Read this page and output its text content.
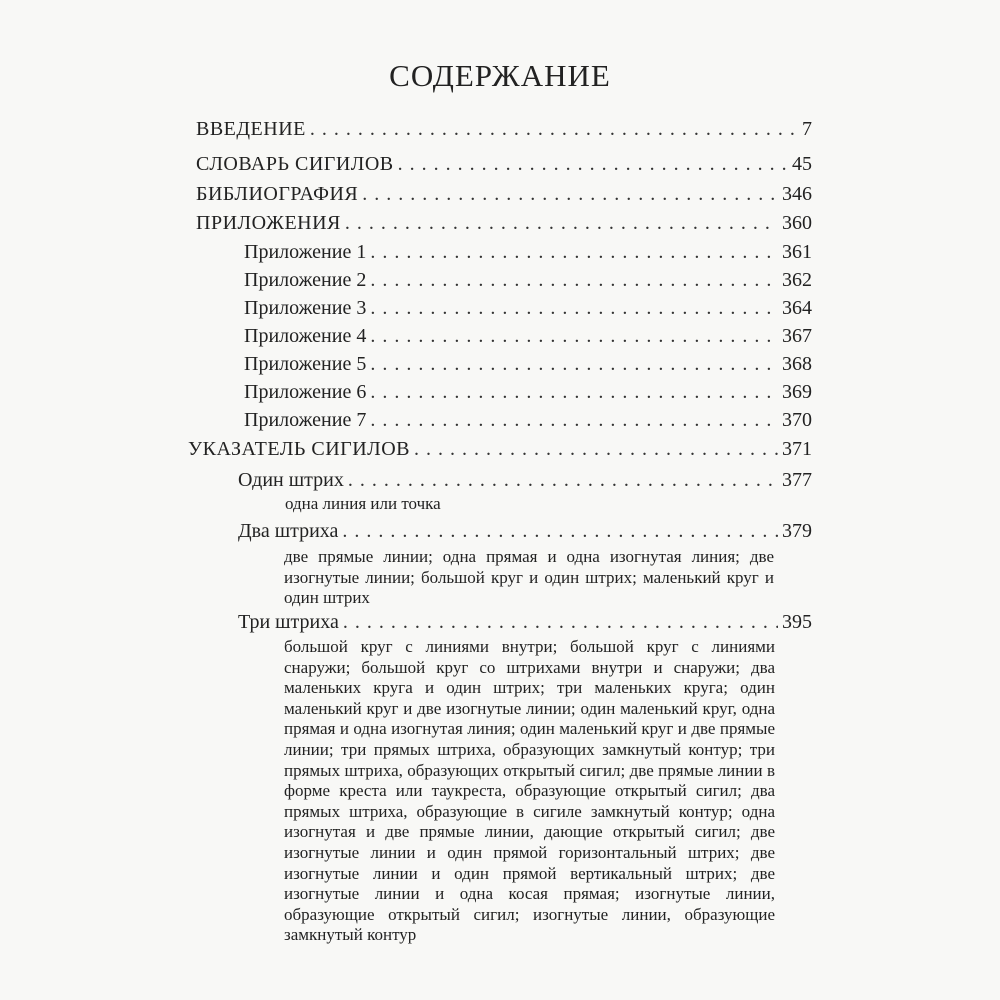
СОДЕРЖАНИЕ
ВВЕДЕНИЕ . . .	7
СЛОВАРЬ СИГИЛОВ . . .	45
БИБЛИОГРАФИЯ . . .	346
ПРИЛОЖЕНИЯ . . .	360
Приложение 1 . . .	361
Приложение 2 . . .	362
Приложение 3 . . .	364
Приложение 4 . . .	367
Приложение 5 . . .	368
Приложение 6 . . .	369
Приложение 7 . . .	370
УКАЗАТЕЛЬ СИГИЛОВ . . .	371
Один штрих . . .	377
одна линия или точка
Два штриха . . .	379
две прямые линии; одна прямая и одна изогнутая линия; две изогнутые линии; большой круг и один штрих; маленький круг и один штрих
Три штриха . . .	395
большой круг с линиями внутри; большой круг с линиями снаружи; большой круг со штрихами внутри и снаружи; два маленьких круга и один штрих; три маленьких круга; один маленький круг и две изогнутые линии; один маленький круг, одна прямая и одна изогнутая линия; один маленький круг и две прямые линии; три прямых штриха, образующих замкнутый контур; три прямых штриха, образующих открытый сигил; две прямые линии в форме креста или таукреста, образующие открытый сигил; два прямых штриха, образующие в сигиле замкнутый контур; одна изогнутая и две прямые линии, дающие открытый сигил; две изогнутые линии и один прямой горизонтальный штрих; две изогнутые линии и один прямой вертикальный штрих; две изогнутые линии и одна косая прямая; изогнутые линии, образующие открытый сигил; изогнутые линии, образующие замкнутый контур
